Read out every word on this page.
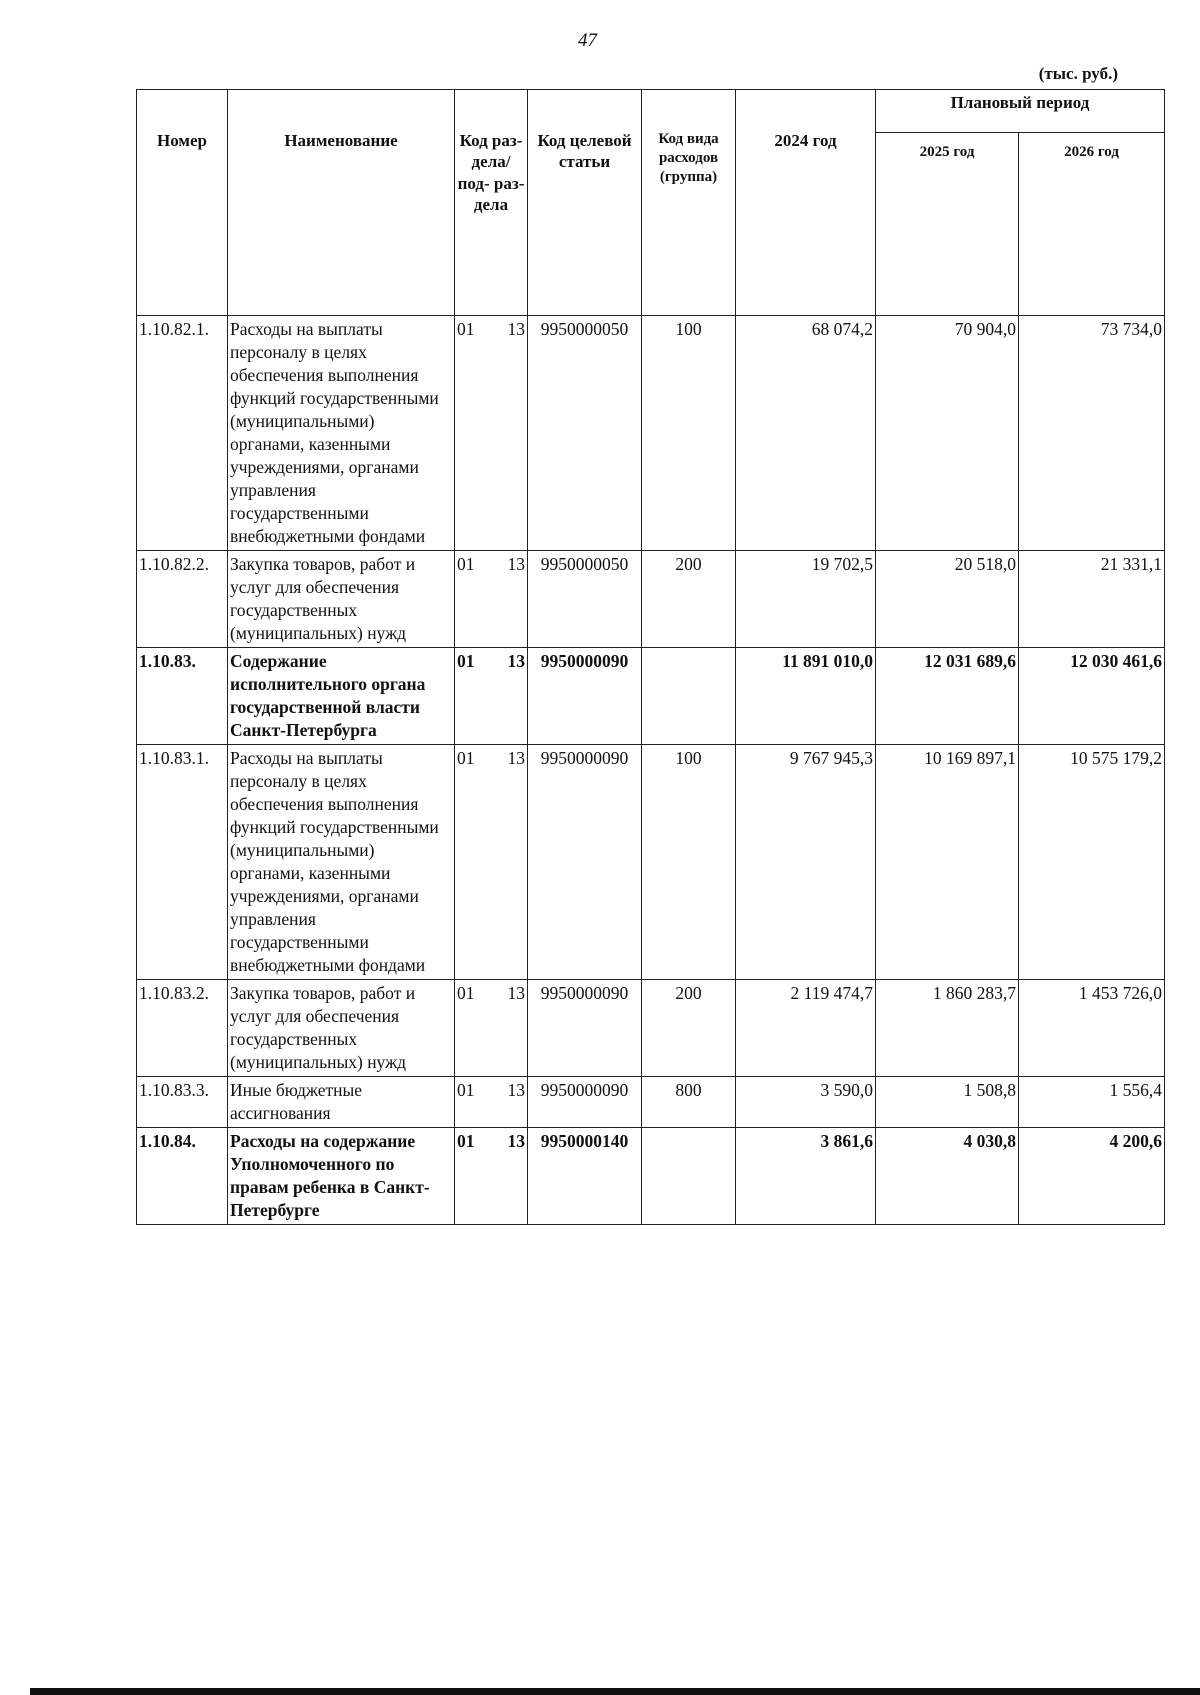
47
(тыс. руб.)
Номер	Наименование	Код раз- дела/ под- раз- дела	Код целевой статьи	Код вида расходов (группа)	2024 год	Плановый период	
						2025 год	2026 год
1.10.82.1.	Расходы на выплаты персоналу в целях обеспечения выполнения функций государственными (муниципальными) органами, казенными учреждениями, органами управления государственными внебюджетными фондами	01 13	9950000050	100	68 074,2	70 904,0	73 734,0
1.10.82.2.	Закупка товаров, работ и услуг для обеспечения государственных (муниципальных) нужд	01 13	9950000050	200	19 702,5	20 518,0	21 331,1
1.10.83.	Содержание исполнительного органа государственной власти Санкт-Петербурга	01 13	9950000090		11 891 010,0	12 031 689,6	12 030 461,6
1.10.83.1.	Расходы на выплаты персоналу в целях обеспечения выполнения функций государственными (муниципальными) органами, казенными учреждениями, органами управления государственными внебюджетными фондами	01 13	9950000090	100	9 767 945,3	10 169 897,1	10 575 179,2
1.10.83.2.	Закупка товаров, работ и услуг для обеспечения государственных (муниципальных) нужд	01 13	9950000090	200	2 119 474,7	1 860 283,7	1 453 726,0
1.10.83.3.	Иные бюджетные ассигнования	01 13	9950000090	800	3 590,0	1 508,8	1 556,4
1.10.84.	Расходы на содержание Уполномоченного по правам ребенка в Санкт-Петербурге	01 13	9950000140		3 861,6	4 030,8	4 200,6
